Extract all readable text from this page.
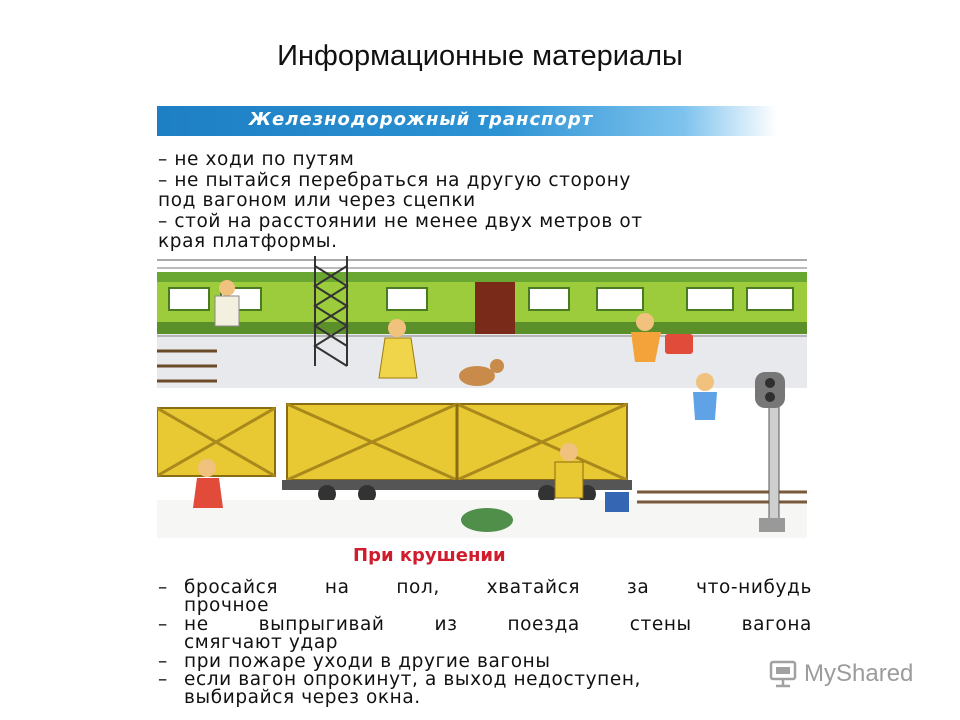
Информационные материалы
Железнодорожный транспорт
– не ходи по путям
– не пытайся перебраться на другую сторону
под вагоном или через сцепки
– стой на расстоянии не менее двух метров от
края платформы.
При крушении
– бросайся	на	пол,	хватайся	за	что-нибудь
прочное
– не	выпрыгивай	из	поезда	стены	вагона
смягчают удар
– при пожаре уходи в другие вагоны
– если вагон опрокинут, а выход недоступен,
выбирайся через окна.
MyShared
